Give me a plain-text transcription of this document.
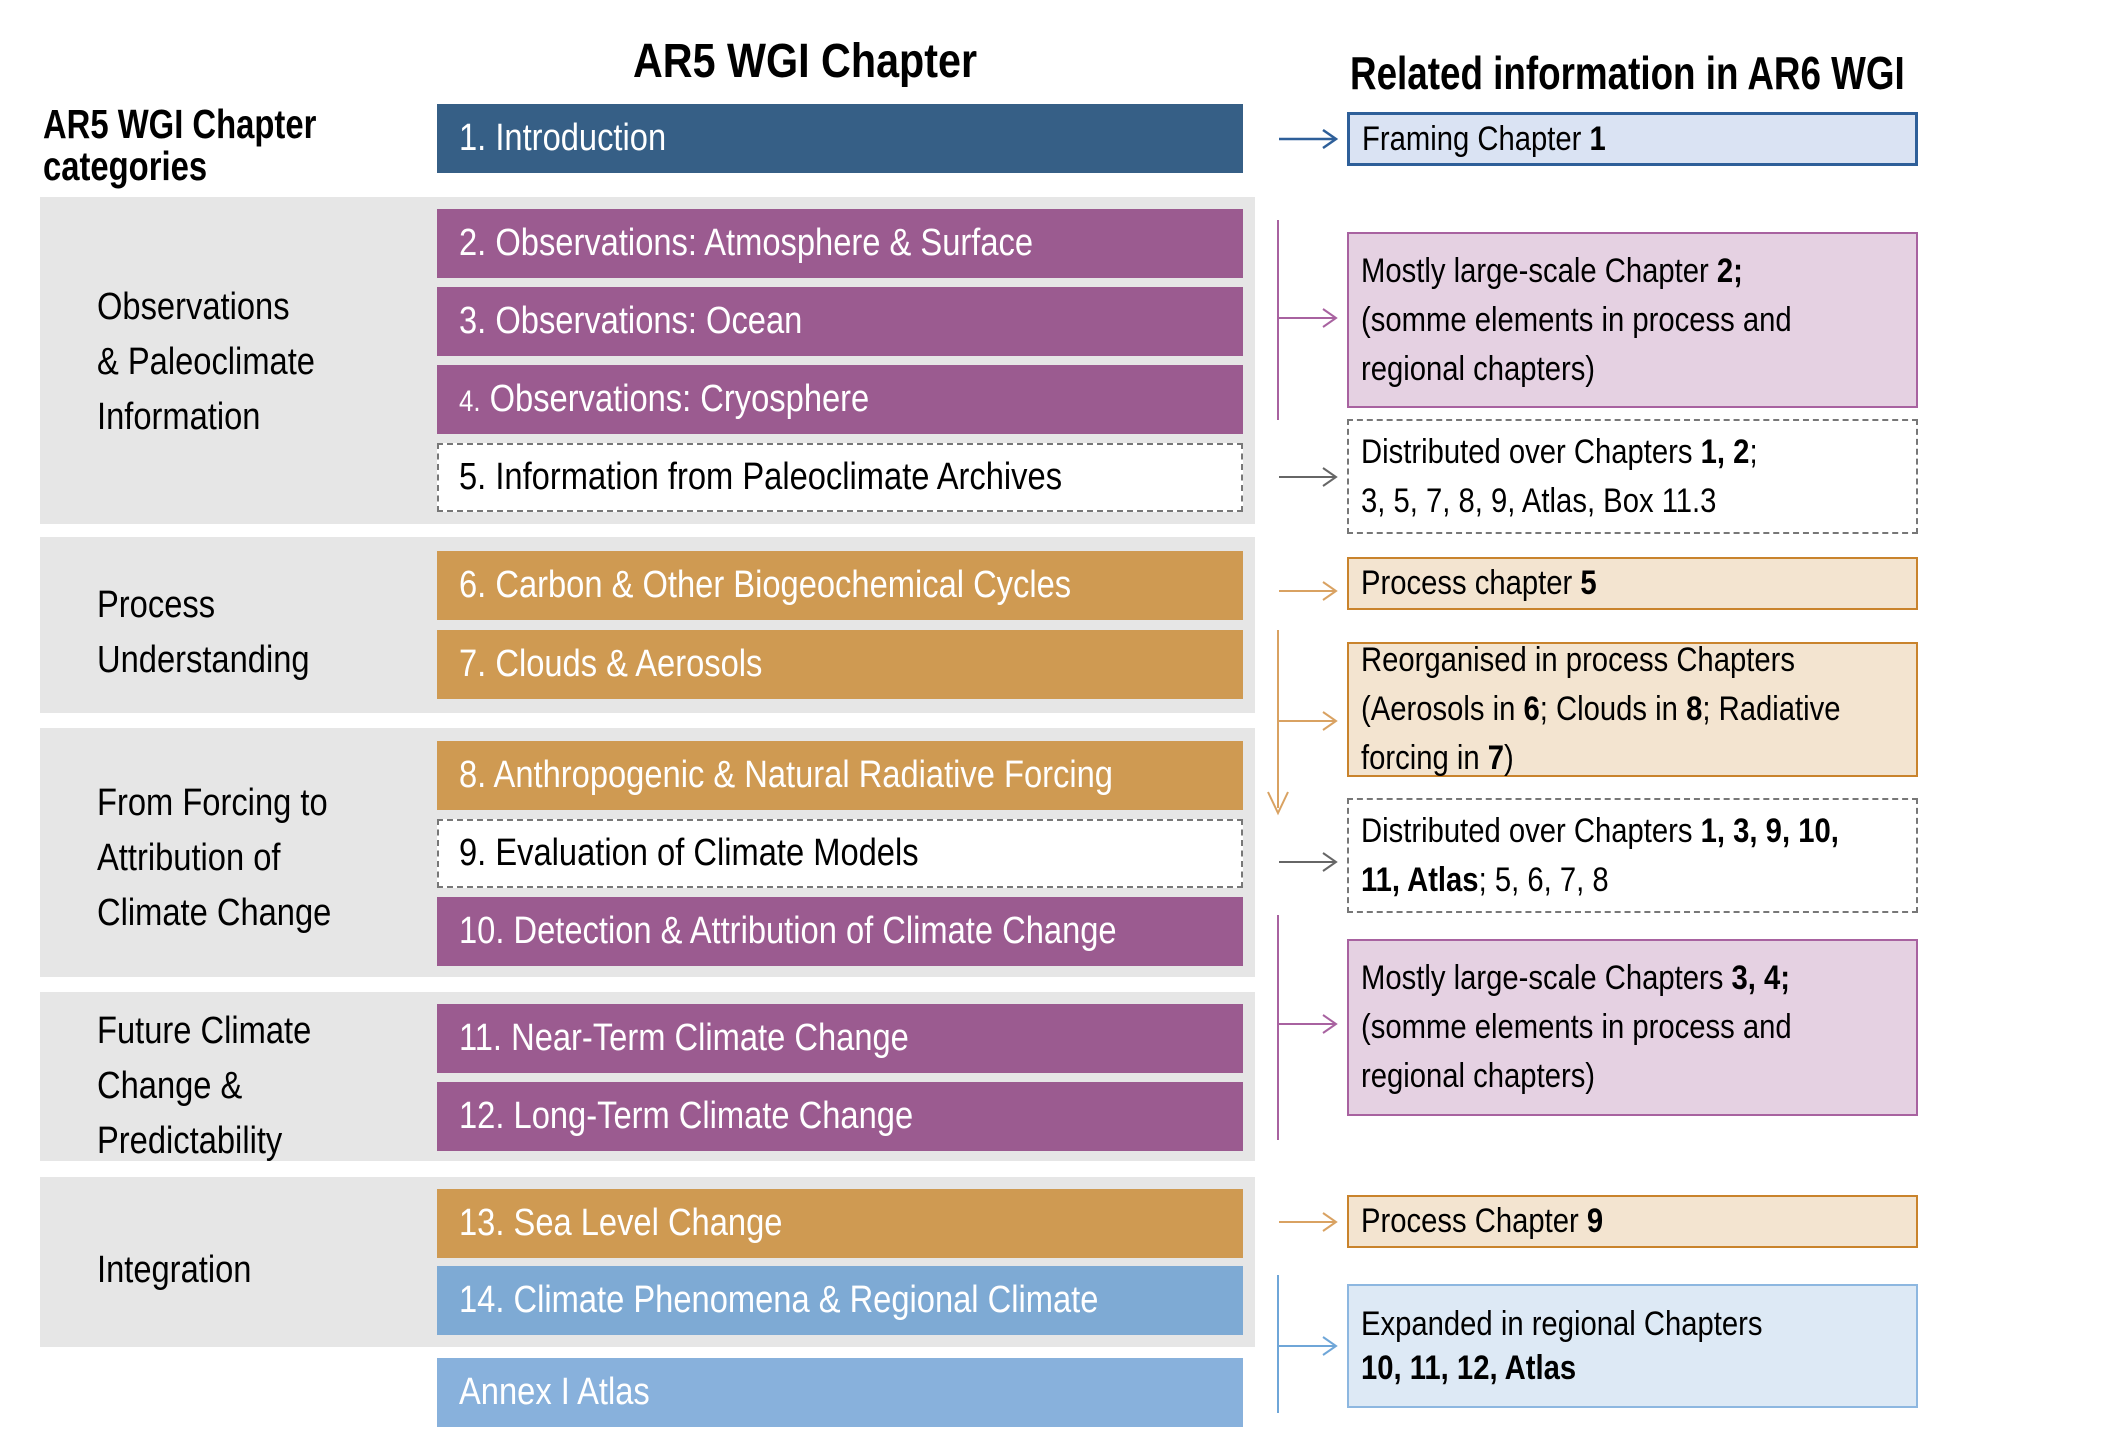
AR5 WGI Chapter	Related information in AR6 WGI
AR5 WGI Chapter
categories
Observations
& Paleoclimate
Information
Process
Understanding
From Forcing to
Attribution of
Climate Change
Future Climate
Change &
Predictability
Integration
1. Introduction
2. Observations: Atmosphere & Surface
3. Observations: Ocean
4. Observations: Cryosphere
5. Information from Paleoclimate Archives
6. Carbon & Other Biogeochemical Cycles
7. Clouds & Aerosols
8. Anthropogenic & Natural Radiative Forcing
9. Evaluation of Climate Models
10. Detection & Attribution of Climate Change
11. Near-Term Climate Change
12. Long-Term Climate Change
13. Sea Level Change
14. Climate Phenomena & Regional Climate
Annex I Atlas
Framing Chapter 1
Mostly large-scale Chapter 2;
(somme elements in process and
regional chapters)
Distributed over Chapters 1, 2;
3, 5, 7, 8, 9, Atlas, Box 11.3
Process chapter 5
Reorganised in process Chapters
(Aerosols in 6; Clouds in 8; Radiative
forcing in 7)
Distributed over Chapters 1, 3, 9, 10,
11, Atlas; 5, 6, 7, 8
Mostly large-scale Chapters 3, 4;
(somme elements in process and
regional chapters)
Process Chapter 9
Expanded in regional Chapters
10, 11, 12, Atlas
